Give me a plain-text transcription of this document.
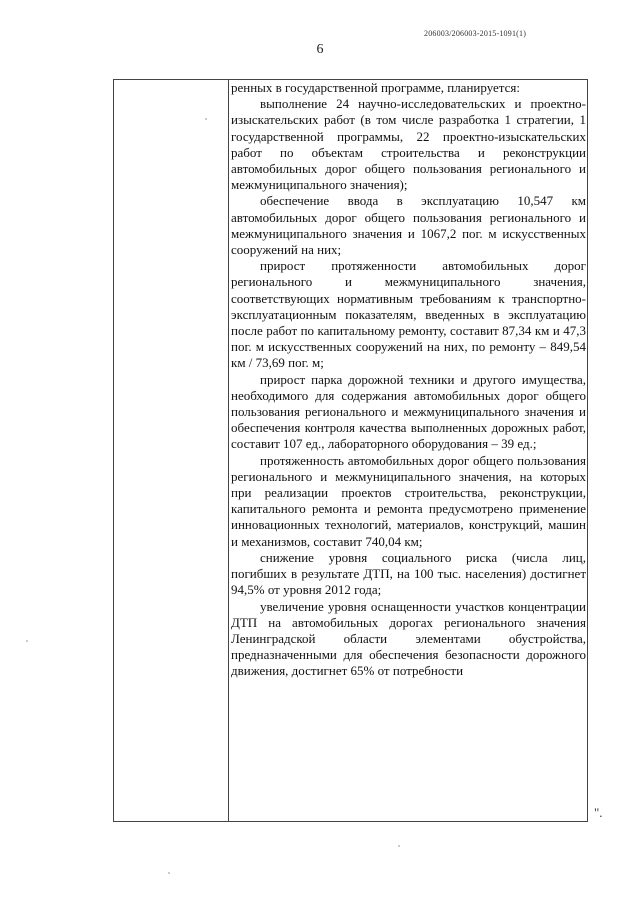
206003/206003-2015-1091(1)
6

ренных в государственной программе, планируется:

выполнение 24 научно-исследовательских и проектно-изыскательских работ (в том числе разработка 1 стратегии, 1 государственной программы, 22 проектно-изыскательских работ по объектам строительства и реконструкции автомобильных дорог общего пользования регионального и межмуниципального значения);

обеспечение ввода в эксплуатацию 10,547 км автомобильных дорог общего пользования регионального и межмуниципального значения и 1067,2 пог. м искусственных сооружений на них;

прирост протяженности автомобильных дорог регионального и межмуниципального значения, соответствующих нормативным требованиям к транспортно-эксплуатационным показателям, введенных в эксплуатацию после работ по капитальному ремонту, составит 87,34 км и 47,3 пог. м искусственных сооружений на них, по ремонту – 849,54 км / 73,69 пог. м;

прирост парка дорожной техники и другого имущества, необходимого для содержания автомобильных дорог общего пользования регионального и межмуниципального значения и обеспечения контроля качества выполненных дорожных работ, составит 107 ед., лабораторного оборудования – 39 ед.;

протяженность автомобильных дорог общего пользования регионального и межмуниципального значения, на которых при реализации проектов строительства, реконструкции, капитального ремонта и ремонта предусмотрено применение инновационных технологий, материалов, конструкций, машин и механизмов, составит 740,04 км;

снижение уровня социального риска (числа лиц, погибших в результате ДТП, на 100 тыс. населения) достигнет 94,5% от уровня 2012 года;

увеличение уровня оснащенности участков концентрации ДТП на автомобильных дорогах регионального значения Ленинградской области элементами обустройства, предназначенными для обеспечения безопасности дорожного движения, достигнет 65% от потребности

".
